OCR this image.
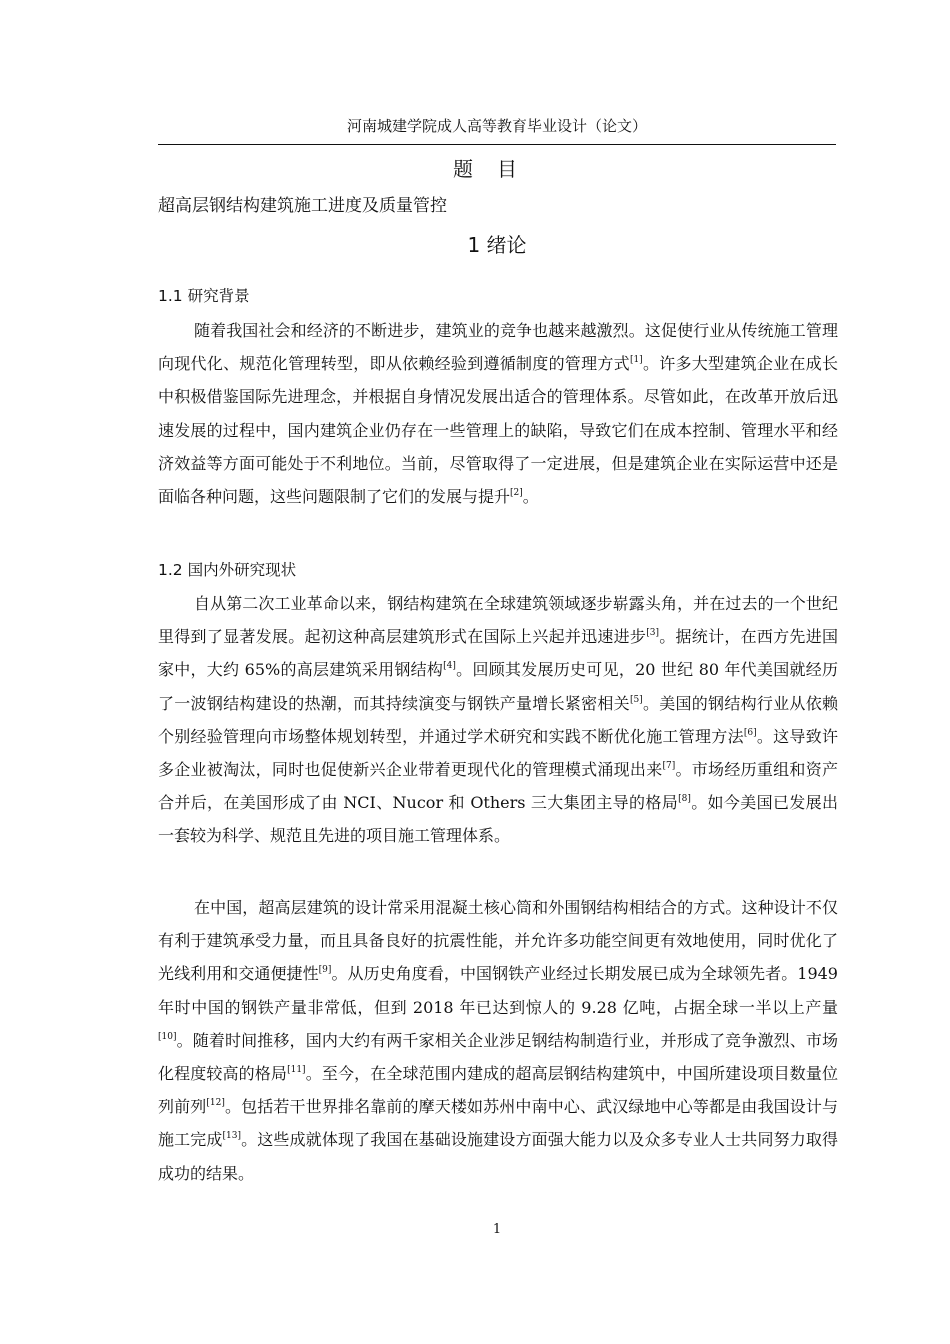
河南城建学院成人高等教育毕业设计（论文）
题目
超高层钢结构建筑施工进度及质量管控
1 绪论
1.1 研究背景

随着我国社会和经济的不断进步，建筑业的竞争也越来越激烈。这促使行业从传统施工管理向现代化、规范化管理转型，即从依赖经验到遵循制度的管理方式[1]。许多大型建筑企业在成长中积极借鉴国际先进理念，并根据自身情况发展出适合的管理体系。尽管如此，在改革开放后迅速发展的过程中，国内建筑企业仍存在一些管理上的缺陷，导致它们在成本控制、管理水平和经济效益等方面可能处于不利地位。当前，尽管取得了一定进展，但是建筑企业在实际运营中还是面临各种问题，这些问题限制了它们的发展与提升[2]。

1.2 国内外研究现状

自从第二次工业革命以来，钢结构建筑在全球建筑领域逐步崭露头角，并在过去的一个世纪里得到了显著发展。起初这种高层建筑形式在国际上兴起并迅速进步[3]。据统计，在西方先进国家中，大约 65%的高层建筑采用钢结构[4]。回顾其发展历史可见，20 世纪 80 年代美国就经历了一波钢结构建设的热潮，而其持续演变与钢铁产量增长紧密相关[5]。美国的钢结构行业从依赖个别经验管理向市场整体规划转型，并通过学术研究和实践不断优化施工管理方法[6]。这导致许多企业被淘汰，同时也促使新兴企业带着更现代化的管理模式涌现出来[7]。市场经历重组和资产合并后，在美国形成了由 NCI、Nucor 和 Others 三大集团主导的格局[8]。如今美国已发展出一套较为科学、规范且先进的项目施工管理体系。

在中国，超高层建筑的设计常采用混凝土核心筒和外围钢结构相结合的方式。这种设计不仅有利于建筑承受力量，而且具备良好的抗震性能，并允许多功能空间更有效地使用，同时优化了光线利用和交通便捷性[9]。从历史角度看，中国钢铁产业经过长期发展已成为全球领先者。1949 年时中国的钢铁产量非常低，但到 2018 年已达到惊人的 9.28 亿吨，占据全球一半以上产量[10]。随着时间推移，国内大约有两千家相关企业涉足钢结构制造行业，并形成了竞争激烈、市场化程度较高的格局[11]。至今，在全球范围内建成的超高层钢结构建筑中，中国所建设项目数量位列前列[12]。包括若干世界排名靠前的摩天楼如苏州中南中心、武汉绿地中心等都是由我国设计与施工完成[13]。这些成就体现了我国在基础设施建设方面强大能力以及众多专业人士共同努力取得成功的结果。

1
